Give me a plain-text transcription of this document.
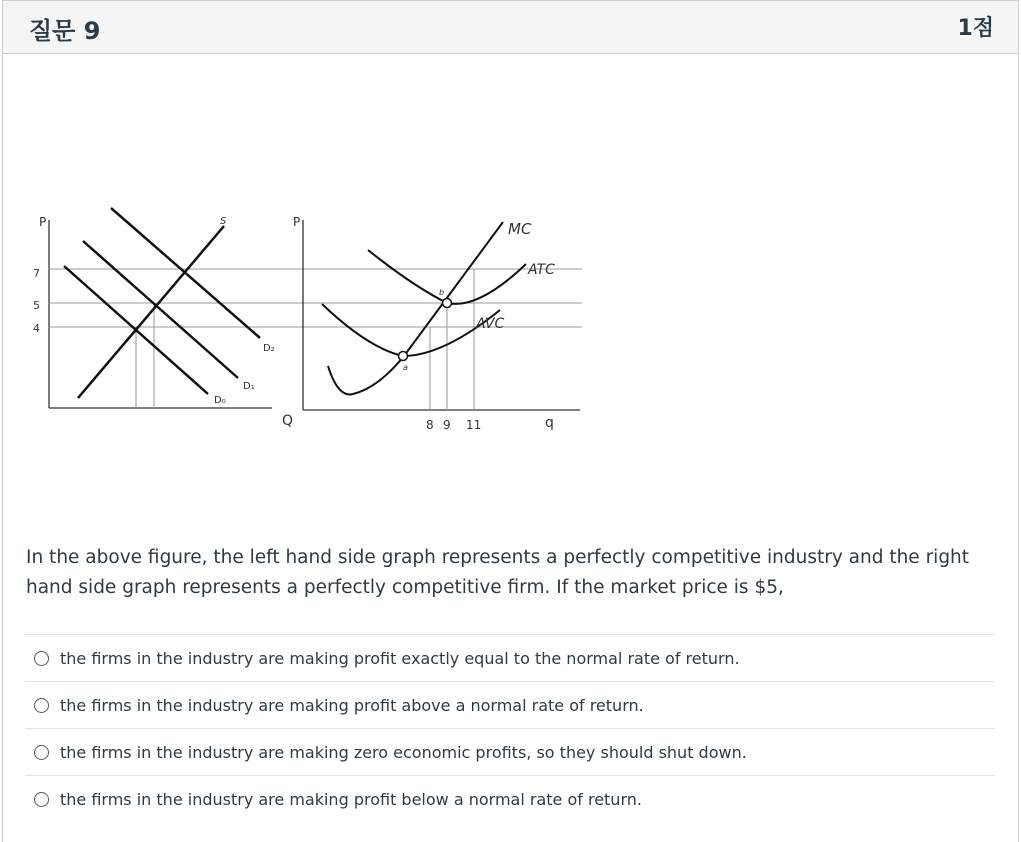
질문 9	1점
P
Q
7
5
4
S
D₀
D₁
D₂
P
q
8 9 11
MC
ATC
AVC
a
b
In the above figure, the left hand side graph represents a perfectly competitive industry and the right hand side graph represents a perfectly competitive firm. If the market price is $5,
the firms in the industry are making profit exactly equal to the normal rate of return.
the firms in the industry are making profit above a normal rate of return.
the firms in the industry are making zero economic profits, so they should shut down.
the firms in the industry are making profit below a normal rate of return.
